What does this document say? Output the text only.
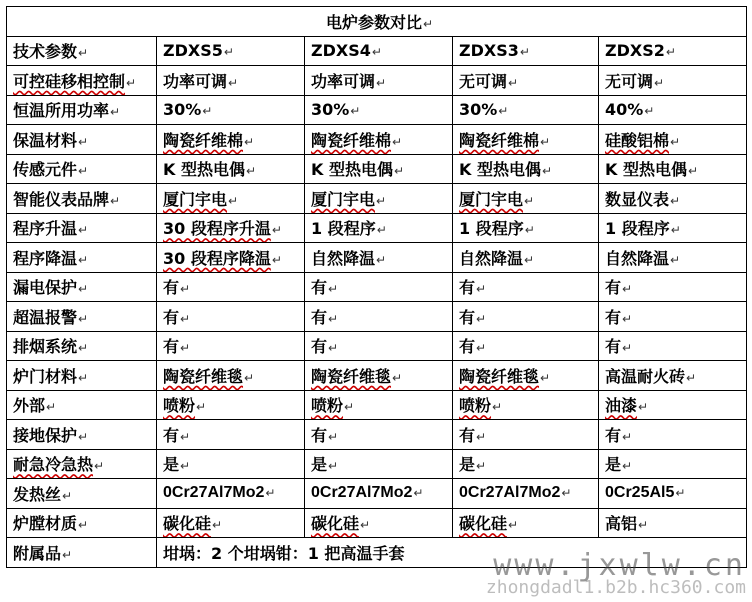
电炉参数对比↵				
技术参数↵	ZDXS5↵	ZDXS4↵	ZDXS3↵	ZDXS2↵
可控硅移相控制↵	功率可调↵	功率可调↵	无可调↵	无可调↵
恒温所用功率↵	30%↵	30%↵	30%↵	40%↵
保温材料↵	陶瓷纤维棉↵	陶瓷纤维棉↵	陶瓷纤维棉↵	硅酸铝棉↵
传感元件↵	K 型热电偶↵	K 型热电偶↵	K 型热电偶↵	K 型热电偶↵
智能仪表品牌↵	厦门宇电↵	厦门宇电↵	厦门宇电↵	数显仪表↵
程序升温↵	30 段程序升温↵	1 段程序↵	1 段程序↵	1 段程序↵
程序降温↵	30 段程序降温↵	自然降温↵	自然降温↵	自然降温↵
漏电保护↵	有↵	有↵	有↵	有↵
超温报警↵	有↵	有↵	有↵	有↵
排烟系统↵	有↵	有↵	有↵	有↵
炉门材料↵	陶瓷纤维毯↵	陶瓷纤维毯↵	陶瓷纤维毯↵	高温耐火砖↵
外部↵	喷粉↵	喷粉↵	喷粉↵	油漆↵
接地保护↵	有↵	有↵	有↵	有↵
耐急冷急热↵	是↵	是↵	是↵	是↵
发热丝↵	0Cr27Al7Mo2↵	0Cr27Al7Mo2↵	0Cr27Al7Mo2↵	0Cr25Al5↵
炉膛材质↵	碳化硅↵	碳化硅↵	碳化硅↵	高铝↵
附属品↵	坩埚：2 个坩埚钳：1 把高温手套				www.jxwlw.cn
zhongdadl1.b2b.hc360.com
